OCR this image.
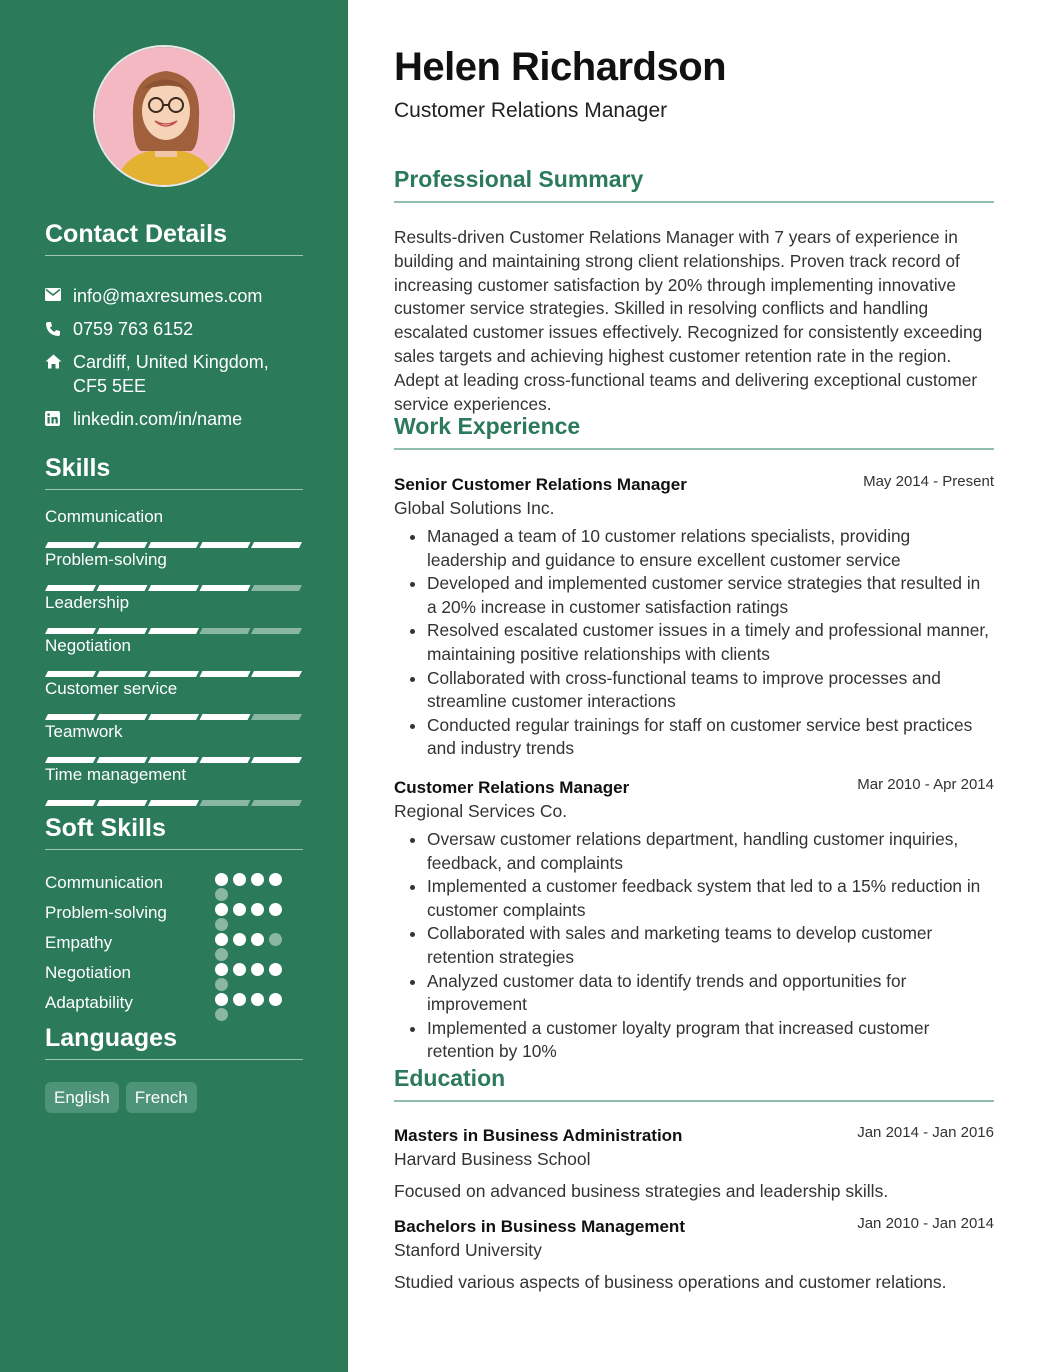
Contact Details
info@maxresumes.com
0759 763 6152
Cardiff, United Kingdom, CF5 5EE
linkedin.com/in/name
Skills
Communication
Problem-solving
Leadership
Negotiation
Customer service
Teamwork
Time management
Soft Skills
Communication
Problem-solving
Empathy
Negotiation
Adaptability
Languages
English	French
Helen Richardson
Customer Relations Manager
Professional Summary

Results-driven Customer Relations Manager with 7 years of experience in building and maintaining strong client relationships. Proven track record of increasing customer satisfaction by 20% through implementing innovative customer service strategies. Skilled in resolving conflicts and handling escalated customer issues effectively. Recognized for consistently exceeding sales targets and achieving highest customer retention rate in the region. Adept at leading cross-functional teams and delivering exceptional customer service experiences.

Work Experience
Senior Customer Relations Manager	May 2014 - Present
Global Solutions Inc.
• Managed a team of 10 customer relations specialists, providing leadership and guidance to ensure excellent customer service
• Developed and implemented customer service strategies that resulted in a 20% increase in customer satisfaction ratings
• Resolved escalated customer issues in a timely and professional manner, maintaining positive relationships with clients
• Collaborated with cross-functional teams to improve processes and streamline customer interactions
• Conducted regular trainings for staff on customer service best practices and industry trends
Customer Relations Manager	Mar 2010 - Apr 2014
Regional Services Co.
• Oversaw customer relations department, handling customer inquiries, feedback, and complaints
• Implemented a customer feedback system that led to a 15% reduction in customer complaints
• Collaborated with sales and marketing teams to develop customer retention strategies
• Analyzed customer data to identify trends and opportunities for improvement
• Implemented a customer loyalty program that increased customer retention by 10%
Education
Masters in Business Administration	Jan 2014 - Jan 2016
Harvard Business School
Focused on advanced business strategies and leadership skills.
Bachelors in Business Management	Jan 2010 - Jan 2014
Stanford University
Studied various aspects of business operations and customer relations.
